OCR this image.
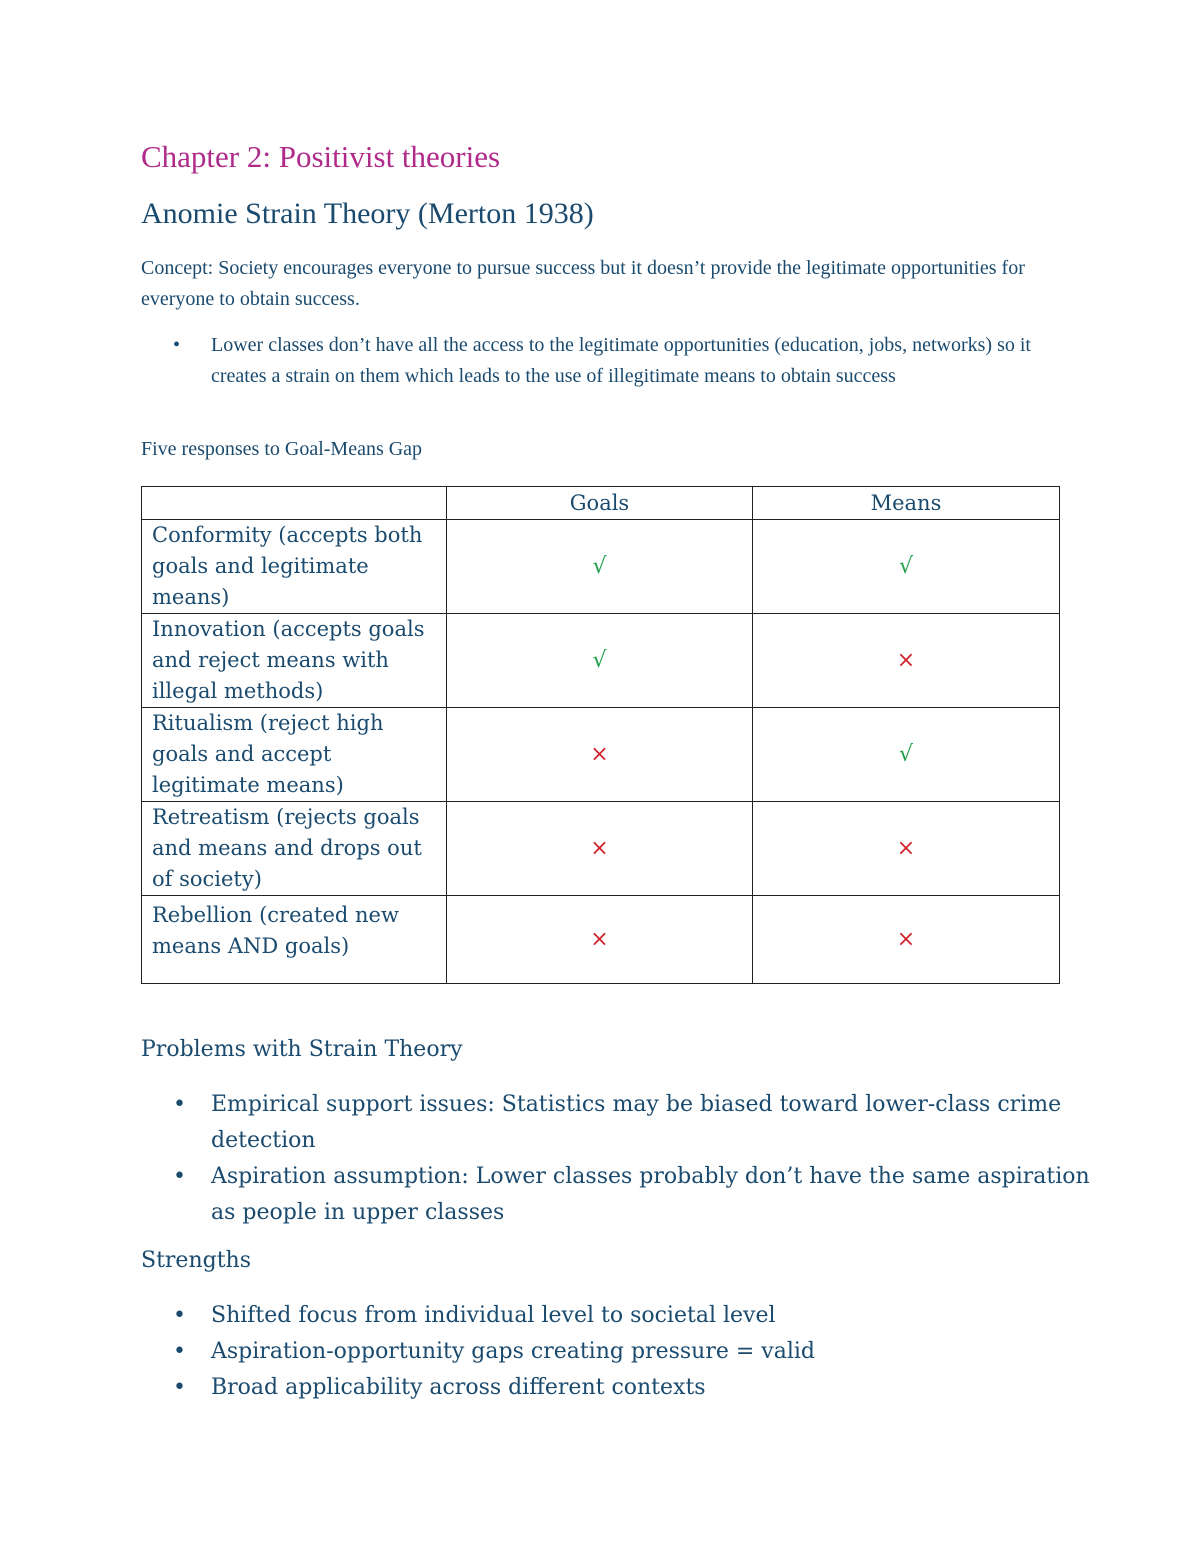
Chapter 2: Positivist theories
Anomie Strain Theory (Merton 1938)

Concept: Society encourages everyone to pursue success but it doesn’t provide the legitimate opportunities for everyone to obtain success.

• Lower classes don’t have all the access to the legitimate opportunities (education, jobs, networks) so it creates a strain on them which leads to the use of illegitimate means to obtain success

Five responses to Goal-Means Gap

	Goals	Means
Conformity (accepts both goals and legitimate means)	√	√
Innovation (accepts goals and reject means with illegal methods)	√	×
Ritualism (reject high goals and accept legitimate means)	×	√
Retreatism (rejects goals and means and drops out of society)	×	×
Rebellion (created new means AND goals)	×	×
Problems with Strain Theory
• Empirical support issues: Statistics may be biased toward lower-class crime detection
• Aspiration assumption: Lower classes probably don’t have the same aspiration as people in upper classes
Strengths
• Shifted focus from individual level to societal level
• Aspiration-opportunity gaps creating pressure = valid
• Broad applicability across different contexts
